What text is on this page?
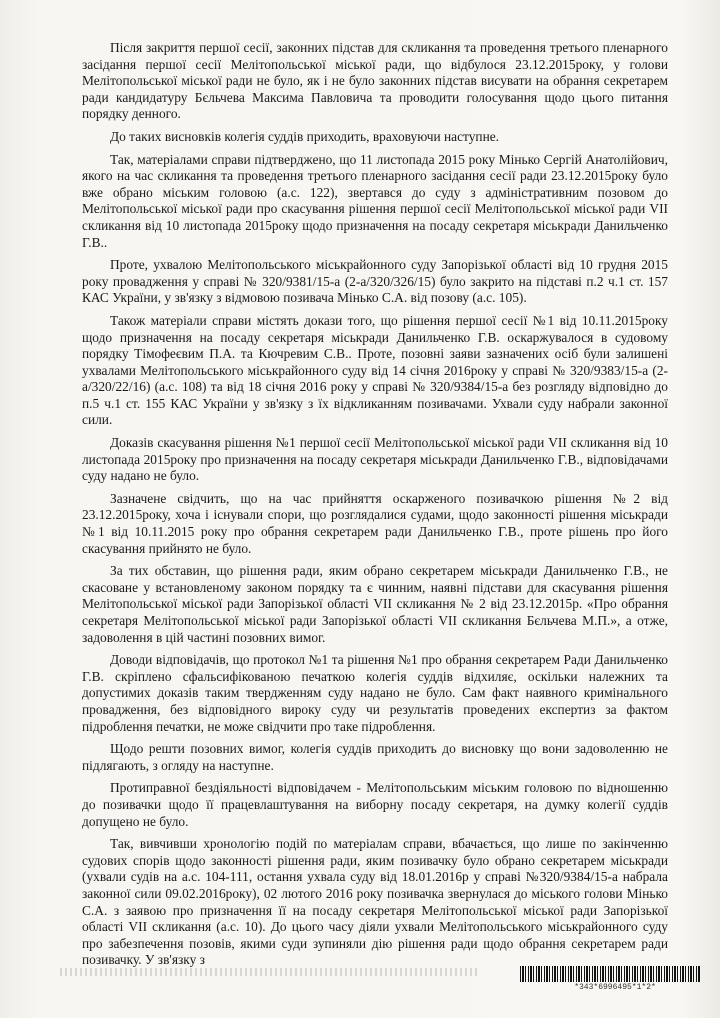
Після закриття першої сесії, законних підстав для скликання та проведення третього пленарного засідання першої сесії Мелітопольської міської ради, що відбулося 23.12.2015року, у голови Мелітопольської міської ради не було, як і не було законних підстав висувати на обрання секретарем ради кандидатуру Бєльчева Максима Павловича та проводити голосування щодо цього питання порядку денного.

До таких висновків колегія суддів приходить, враховуючи наступне.

Так, матеріалами справи підтверджено, що 11 листопада 2015 року Мінько Сергій Анатолійович, якого на час скликання та проведення третього пленарного засідання сесії ради 23.12.2015року було вже обрано міським головою (а.с. 122), звертався до суду з адміністративним позовом до Мелітопольської міської ради про скасування рішення першої сесії Мелітопольської міської ради VII скликання від 10 листопада 2015року щодо призначення на посаду секретаря міськради Данильченко Г.В..

Проте, ухвалою Мелітопольського міськрайонного суду Запорізької області від 10 грудня 2015 року провадження у справі № 320/9381/15-а (2-а/320/326/15) було закрито на підставі п.2 ч.1 ст. 157 КАС України, у зв'язку з відмовою позивача Мінько С.А. від позову (а.с. 105).

Також матеріали справи містять докази того, що рішення першої сесії №1 від 10.11.2015року щодо призначення на посаду секретаря міськради Данильченко Г.В. оскаржувалося в судовому порядку Тімофеєвим П.А. та Кючревим С.В.. Проте, позовні заяви зазначених осіб були залишені ухвалами Мелітопольського міськрайонного суду від 14 січня 2016року у справі № 320/9383/15-а (2-а/320/22/16) (а.с. 108) та від 18 січня 2016 року у справі № 320/9384/15-а без розгляду відповідно до п.5 ч.1 ст. 155 КАС України у зв'язку з їх відкликанням позивачами. Ухвали суду набрали законної сили.

Доказів скасування рішення №1 першої сесії Мелітопольської міської ради VII скликання від 10 листопада 2015року про призначення на посаду секретаря міськради Данильченко Г.В., відповідачами суду надано не було.

Зазначене свідчить, що на час прийняття оскарженого позивачкою рішення №2 від 23.12.2015року, хоча і існували спори, що розглядалися судами, щодо законності рішення міськради №1 від 10.11.2015 року про обрання секретарем ради Данильченко Г.В., проте рішень про його скасування прийнято не було.

За тих обставин, що рішення ради, яким обрано секретарем міськради Данильченко Г.В., не скасоване у встановленому законом порядку та є чинним, наявні підстави для скасування рішення Мелітопольської міської ради Запорізької області VII скликання № 2 від 23.12.2015р. «Про обрання секретаря Мелітопольської міської ради Запорізької області VII скликання Бєльчева М.П.», а отже, задоволення в цій частині позовних вимог.

Доводи відповідачів, що протокол №1 та рішення №1 про обрання секретарем Ради Данильченко Г.В. скріплено сфальсифікованою печаткою колегія суддів відхиляє, оскільки належних та допустимих доказів таким твердженням суду надано не було. Сам факт наявного кримінального провадження, без відповідного вироку суду чи результатів проведених експертиз за фактом підроблення печатки, не може свідчити про таке підроблення.

Щодо решти позовних вимог, колегія суддів приходить до висновку що вони задоволенню не підлягають, з огляду на наступне.

Протиправної бездіяльності відповідачем - Мелітопольським міським головою по відношенню до позивачки щодо її працевлаштування на виборну посаду секретаря, на думку колегії суддів допущено не було.

Так, вивчивши хронологію подій по матеріалам справи, вбачається, що лише по закінченню судових спорів щодо законності рішення ради, яким позивачку було обрано секретарем міськради (ухвали судів на а.с. 104-111, остання ухвала суду від 18.01.2016р у справі №320/9384/15-а набрала законної сили 09.02.2016року), 02 лютого 2016 року позивачка звернулася до міського голови Мінько С.А. з заявою про призначення її на посаду секретаря Мелітопольської міської ради Запорізької області VII скликання (а.с. 10). До цього часу діяли ухвали Мелітопольського міськрайонного суду про забезпечення позовів, якими суди зупиняли дію рішення ради щодо обрання секретарем ради позивачку. У зв'язку з

*343*6996495*1*2*
